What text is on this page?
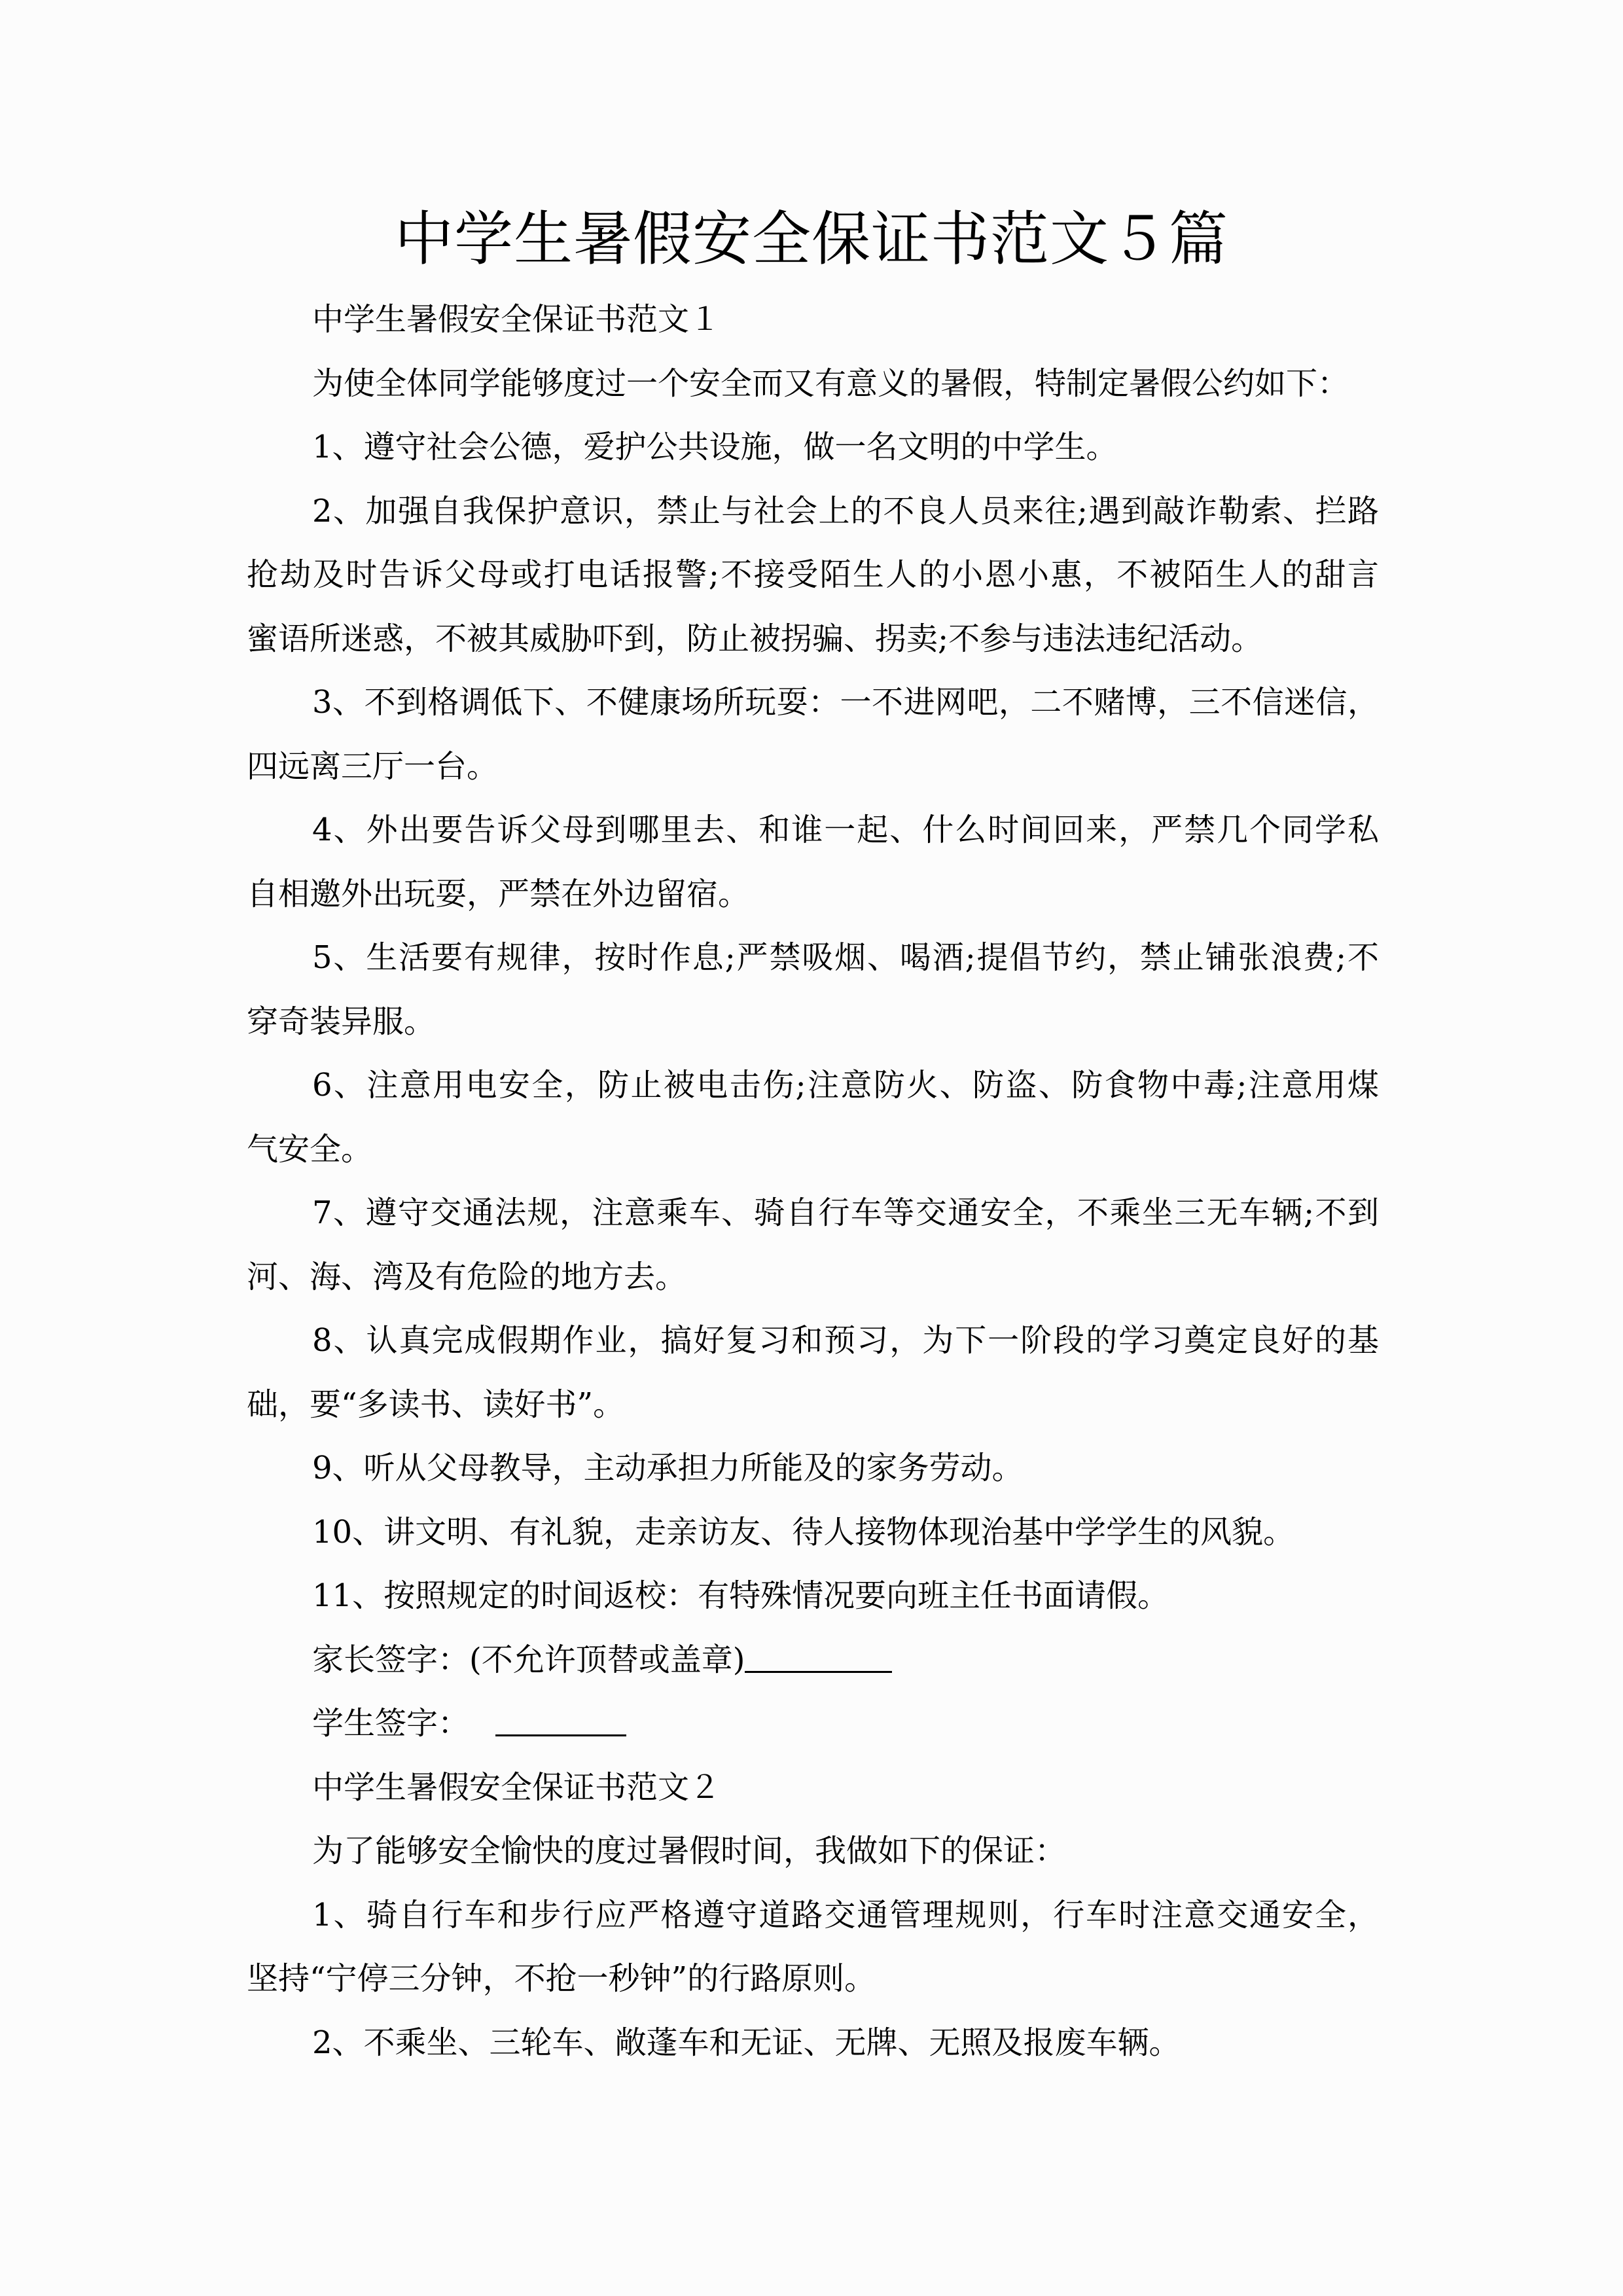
中学生暑假安全保证书范文５篇
中学生暑假安全保证书范文１
为使全体同学能够度过一个安全而又有意义的暑假，特制定暑假公约如下：
1、遵守社会公德，爱护公共设施，做一名文明的中学生。
2、加强自我保护意识，禁止与社会上的不良人员来往;遇到敲诈勒索、拦路
抢劫及时告诉父母或打电话报警;不接受陌生人的小恩小惠，不被陌生人的甜言
蜜语所迷惑，不被其威胁吓到，防止被拐骗、拐卖;不参与违法违纪活动。
3、不到格调低下、不健康场所玩耍：一不进网吧，二不赌博，三不信迷信，
四远离三厅一台。
4、外出要告诉父母到哪里去、和谁一起、什么时间回来，严禁几个同学私
自相邀外出玩耍，严禁在外边留宿。
5、生活要有规律，按时作息;严禁吸烟、喝酒;提倡节约，禁止铺张浪费;不
穿奇装异服。
6、注意用电安全，防止被电击伤;注意防火、防盗、防食物中毒;注意用煤
气安全。
7、遵守交通法规，注意乘车、骑自行车等交通安全，不乘坐三无车辆;不到
河、海、湾及有危险的地方去。
8、认真完成假期作业，搞好复习和预习，为下一阶段的学习奠定良好的基
础，要“多读书、读好书”。
9、听从父母教导，主动承担力所能及的家务劳动。
10、讲文明、有礼貌，走亲访友、待人接物体现治基中学学生的风貌。
11、按照规定的时间返校：有特殊情况要向班主任书面请假。
家长签字：(不允许顶替或盖章)
学生签字：
中学生暑假安全保证书范文２
为了能够安全愉快的度过暑假时间，我做如下的保证：
1、骑自行车和步行应严格遵守道路交通管理规则，行车时注意交通安全，
坚持“宁停三分钟，不抢一秒钟”的行路原则。
2、不乘坐、三轮车、敞蓬车和无证、无牌、无照及报废车辆。
